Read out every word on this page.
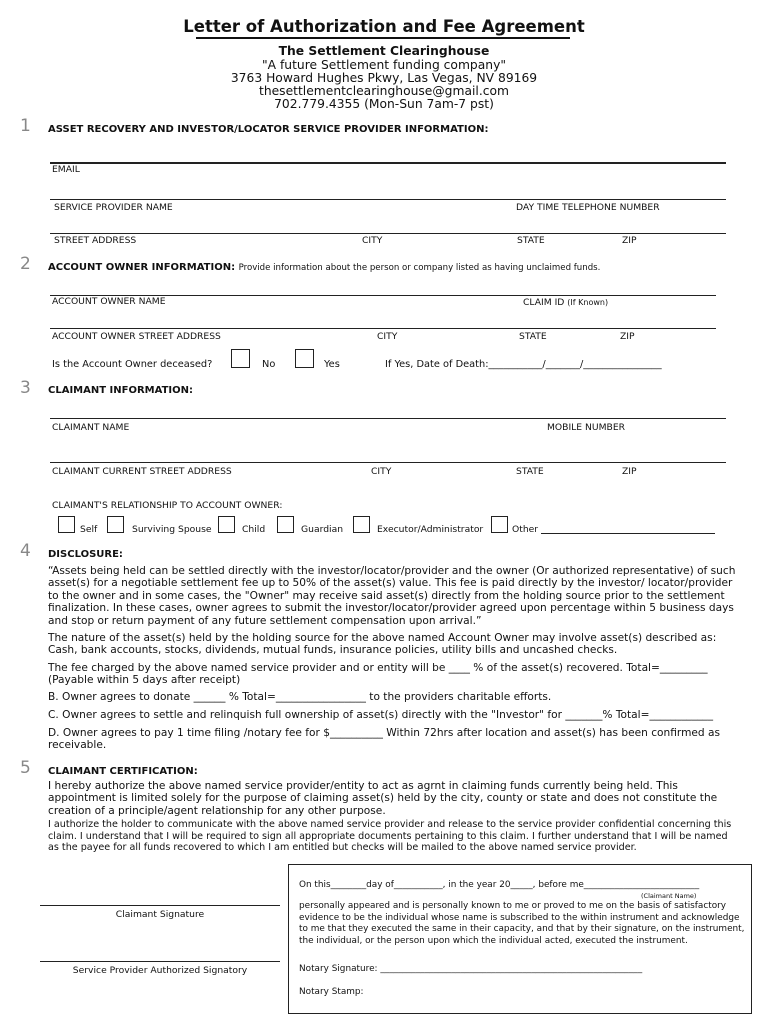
Letter of Authorization and Fee Agreement
The Settlement Clearinghouse
"A future Settlement funding company"
3763 Howard Hughes Pkwy, Las Vegas, NV 89169
thesettlementclearinghouse@gmail.com
702.779.4355 (Mon-Sun 7am-7 pst)
1 ASSET RECOVERY AND INVESTOR/LOCATOR SERVICE PROVIDER INFORMATION:
EMAIL
SERVICE PROVIDER NAME	DAY TIME TELEPHONE NUMBER
STREET ADDRESS	CITY	STATE	ZIP
2 ACCOUNT OWNER INFORMATION: Provide information about the person or company listed as having unclaimed funds.
ACCOUNT OWNER NAME	CLAIM ID (If Known)
ACCOUNT OWNER STREET ADDRESS	CITY	STATE	ZIP
Is the Account Owner deceased?	No	Yes	If Yes, Date of Death:___________/_______/________________
3 CLAIMANT INFORMATION:
CLAIMANT NAME	MOBILE NUMBER
CLAIMANT CURRENT STREET ADDRESS	CITY	STATE	ZIP
CLAIMANT'S RELATIONSHIP TO ACCOUNT OWNER:
Self	Surviving Spouse	Child	Guardian	Executor/Administrator	Other
4 DISCLOSURE:
“Assets being held can be settled directly with the investor/locator/provider and the owner (Or authorized representative) of such asset(s) for a negotiable settlement fee up to 50% of the asset(s) value. This fee is paid directly by the investor/ locator/provider to the owner and in some cases, the "Owner" may receive said asset(s) directly from the holding source prior to the settlement finalization. In these cases, owner agrees to submit the investor/locator/provider agreed upon percentage within 5 business days and stop or return payment of any future settlement compensation upon arrival.”
The nature of the asset(s) held by the holding source for the above named Account Owner may involve asset(s) described as: Cash, bank accounts, stocks, dividends, mutual funds, insurance policies, utility bills and uncashed checks.
The fee charged by the above named service provider and or entity will be ____ % of the asset(s) recovered. Total=_________ (Payable within 5 days after receipt)
B. Owner agrees to donate ______ % Total=_________________ to the providers charitable efforts.
C. Owner agrees to settle and relinquish full ownership of asset(s) directly with the "Investor" for _______% Total=____________
D. Owner agrees to pay 1 time filing /notary fee for $__________ Within 72hrs after location and asset(s) has been confirmed as receivable.
5 CLAIMANT CERTIFICATION:
I hereby authorize the above named service provider/entity to act as agrnt in claiming funds currently being held. This appointment is limited solely for the purpose of claiming asset(s) held by the city, county or state and does not constitute the creation of a principle/agent relationship for any other purpose.
I authorize the holder to communicate with the above named service provider and release to the service provider confidential concerning this claim. I understand that I will be required to sign all appropriate documents pertaining to this claim. I further understand that I will be named as the payee for all funds recovered to which I am entitled but checks will be mailed to the above named service provider.
Claimant Signature
Service Provider Authorized Signatory
On this________day of___________, in the year 20_____, before me__________________________
(Claimant Name)
personally appeared and is personally known to me or proved to me on the basis of satisfactory evidence to be the individual whose name is subscribed to the within instrument and acknowledge to me that they executed the same in their capacity, and that by their signature, on the instrument, the individual, or the person upon which the individual acted, executed the instrument.
Notary Signature: ___________________________________________________________
Notary Stamp:
